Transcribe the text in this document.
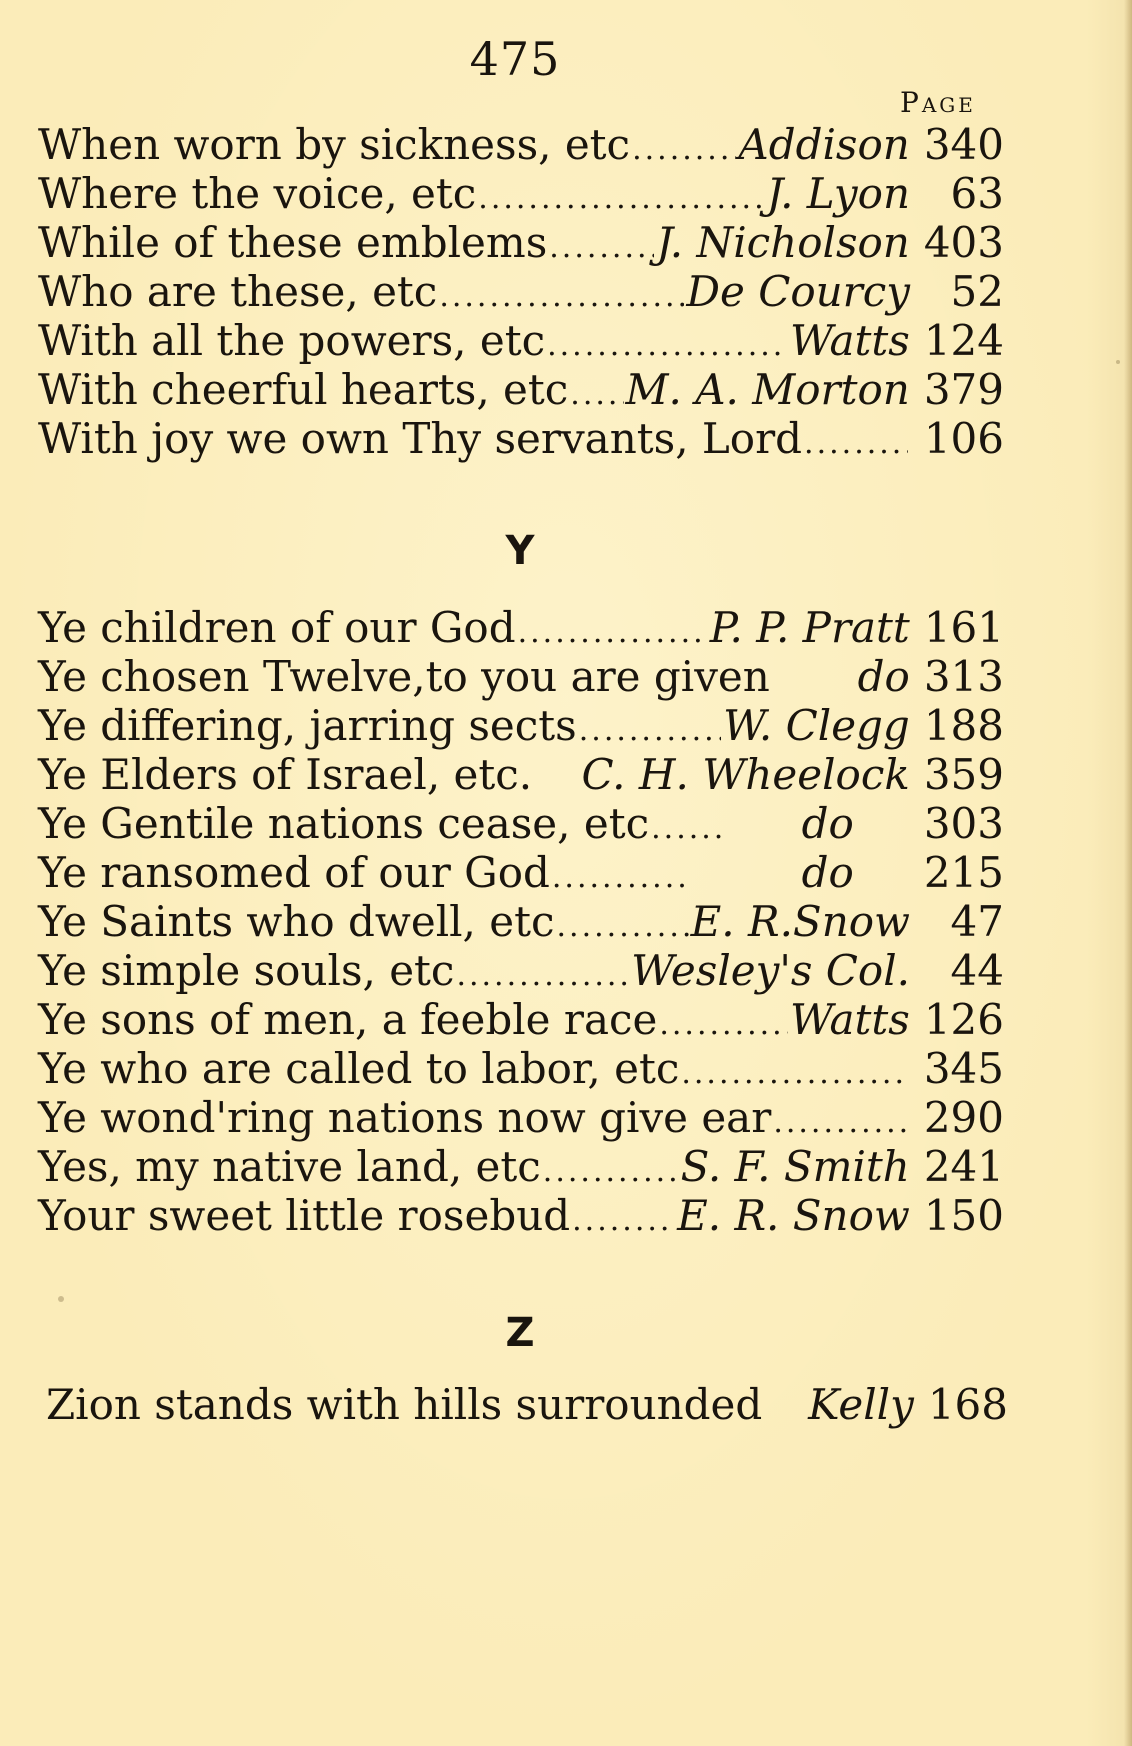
475
Page
When worn by sickness, etc .....	Addison 340
Where the voice, etc .....	J. Lyon 63
While of these emblems .....	J. Nicholson 403
Who are these, etc .....	De Courcy 52
With all the powers, etc .....	Watts 124
With cheerful hearts, etc ..... M. A. Morton 379
With joy we own Thy servants, Lord .....	106
Y
Ye children of our God .....	P. P. Pratt 161
Ye chosen Twelve,to you are given do 313
Ye differing, jarring sects .....	W. Clegg 188
Ye Elders of Israel, etc. C. H. Wheelock 359
Ye Gentile nations cease, etc .....	do	303
Ye ransomed of our God .....	do	215
Ye Saints who dwell, etc .....	E. R.Snow 47
Ye simple souls, etc .....	Wesley's Col. 44
Ye sons of men, a feeble race .....	Watts 126
Ye who are called to labor, etc .....	345
Ye wond'ring nations now give ear .....	290
Yes, my native land, etc .....	S. F. Smith 241
Your sweet little rosebud .....	E. R. Snow 150
Z
Zion stands with hills surrounded Kelly 168
